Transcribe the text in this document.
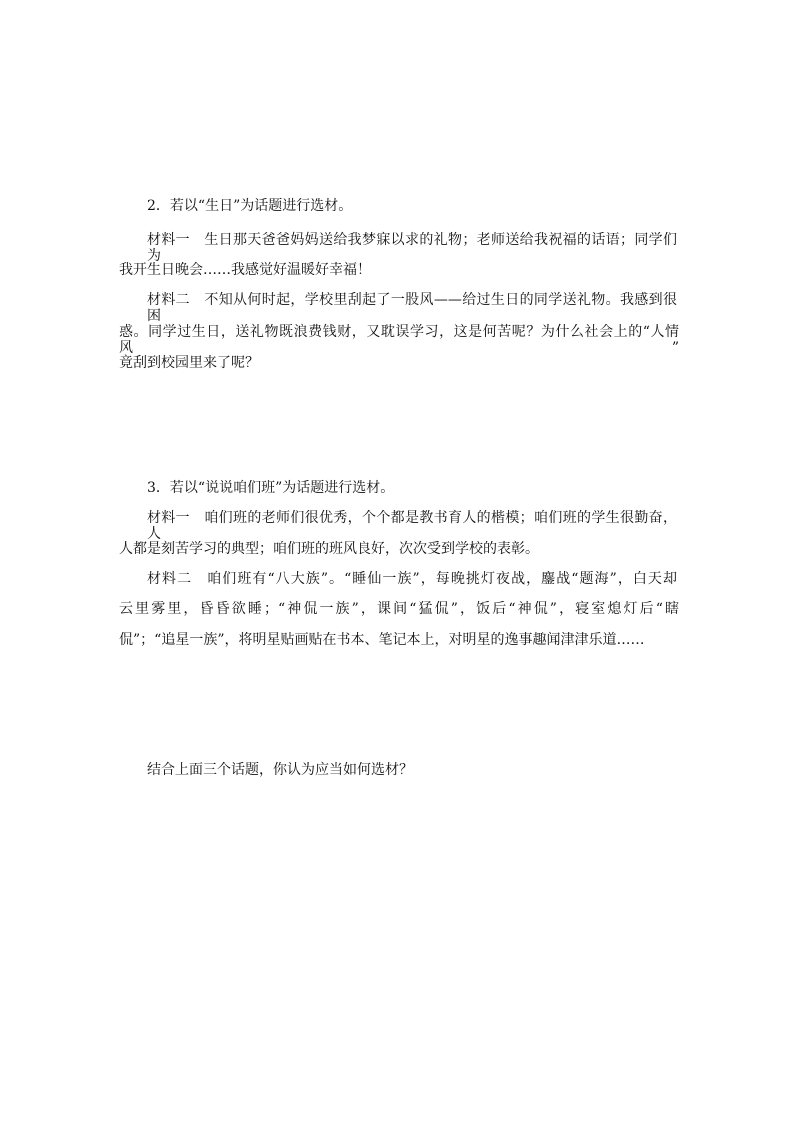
2．若以“生日”为话题进行选材。

材料一　生日那天爸爸妈妈送给我梦寐以求的礼物；老师送给我祝福的话语；同学们为

我开生日晚会……我感觉好温暖好幸福！

材料二　不知从何时起，学校里刮起了一股风——给过生日的同学送礼物。我感到很困

惑。同学过生日，送礼物既浪费钱财，又耽误学习，这是何苦呢？为什么社会上的“人情风”

竟刮到校园里来了呢？

3．若以“说说咱们班”为话题进行选材。

材料一　咱们班的老师们很优秀，个个都是教书育人的楷模；咱们班的学生很勤奋，人

人都是刻苦学习的典型；咱们班的班风良好，次次受到学校的表彰。

材料二　咱们班有“八大族”。“睡仙一族”，每晚挑灯夜战，鏖战“题海”，白天却

云里雾里，昏昏欲睡；“神侃一族”，课间“猛侃”，饭后“神侃”，寝室熄灯后“瞎

侃”；“追星一族”，将明星贴画贴在书本、笔记本上，对明星的逸事趣闻津津乐道……

结合上面三个话题，你认为应当如何选材？
